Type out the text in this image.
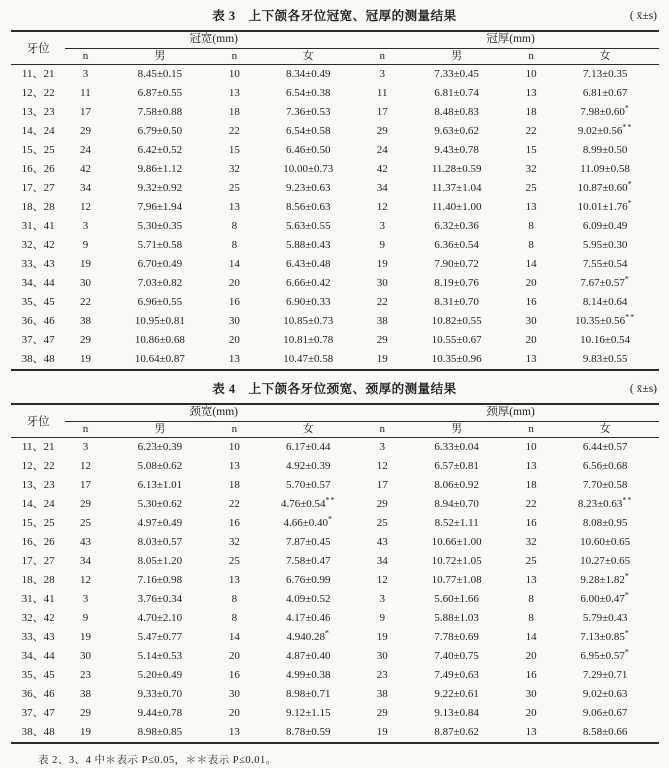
表 3　上下颌各牙位冠宽、冠厚的测量结果	( x̄±s)
牙位	冠宽(mm)				冠厚(mm)			

	n	男	n	女	n	男	n	女
11、21	3	8.45±0.15	10	8.34±0.49	3	7.33±0.45	10	7.13±0.35
12、22	11	6.87±0.55	13	6.54±0.38	11	6.81±0.74	13	6.81±0.67
13、23	17	7.58±0.88	18	7.36±0.53	17	8.48±0.83	18	7.98±0.60*
14、24	29	6.79±0.50	22	6.54±0.58	29	9.63±0.62	22	9.02±0.56**
15、25	24	6.42±0.52	15	6.46±0.50	24	9.43±0.78	15	8.99±0.50
16、26	42	9.86±1.12	32	10.00±0.73	42	11.28±0.59	32	11.09±0.58
17、27	34	9.32±0.92	25	9.23±0.63	34	11.37±1.04	25	10.87±0.60*
18、28	12	7.96±1.94	13	8.56±0.63	12	11.40±1.00	13	10.01±1.76*
31、41	3	5.30±0.35	8	5.63±0.55	3	6.32±0.36	8	6.09±0.49
32、42	9	5.71±0.58	8	5.88±0.43	9	6.36±0.54	8	5.95±0.30
33、43	19	6.70±0.49	14	6.43±0.48	19	7.90±0.72	14	7.55±0.54
34、44	30	7.03±0.82	20	6.66±0.42	30	8.19±0.76	20	7.67±0.57*
35、45	22	6.96±0.55	16	6.90±0.33	22	8.31±0.70	16	8.14±0.64
36、46	38	10.95±0.81	30	10.85±0.73	38	10.82±0.55	30	10.35±0.56**
37、47	29	10.86±0.68	20	10.81±0.78	29	10.55±0.67	20	10.16±0.54
38、48	19	10.64±0.87	13	10.47±0.58	19	10.35±0.96	13	9.83±0.55
表 4　上下颌各牙位颈宽、颈厚的测量结果	( x̄±s)
牙位	颈宽(mm)				颈厚(mm)			

	n	男	n	女	n	男	n	女
11、21	3	6.23±0.39	10	6.17±0.44	3	6.33±0.04	10	6.44±0.57
12、22	12	5.08±0.62	13	4.92±0.39	12	6.57±0.81	13	6.56±0.68
13、23	17	6.13±1.01	18	5.70±0.57	17	8.06±0.92	18	7.70±0.58
14、24	29	5.30±0.62	22	4.76±0.54**	29	8.94±0.70	22	8.23±0.63**
15、25	25	4.97±0.49	16	4.66±0.40*	25	8.52±1.11	16	8.08±0.95
16、26	43	8.03±0.57	32	7.87±0.45	43	10.66±1.00	32	10.60±0.65
17、27	34	8.05±1.20	25	7.58±0.47	34	10.72±1.05	25	10.27±0.65
18、28	12	7.16±0.98	13	6.76±0.99	12	10.77±1.08	13	9.28±1.82*
31、41	3	3.76±0.34	8	4.09±0.52	3	5.60±1.66	8	6.00±0.47*
32、42	9	4.70±2.10	8	4.17±0.46	9	5.88±1.03	8	5.79±0.43
33、43	19	5.47±0.77	14	4.940.28*	19	7.78±0.69	14	7.13±0.85*
34、44	30	5.14±0.53	20	4.87±0.40	30	7.40±0.75	20	6.95±0.57*
35、45	23	5.20±0.49	16	4.99±0.38	23	7.49±0.63	16	7.29±0.71
36、46	38	9.33±0.70	30	8.98±0.71	38	9.22±0.61	30	9.02±0.63
37、47	29	9.44±0.78	20	9.12±1.15	29	9.13±0.84	20	9.06±0.67
38、48	19	8.98±0.85	13	8.78±0.59	19	8.87±0.62	13	8.58±0.66
表 2、3、4 中＊表示 P≤0.05，＊＊表示 P≤0.01。
